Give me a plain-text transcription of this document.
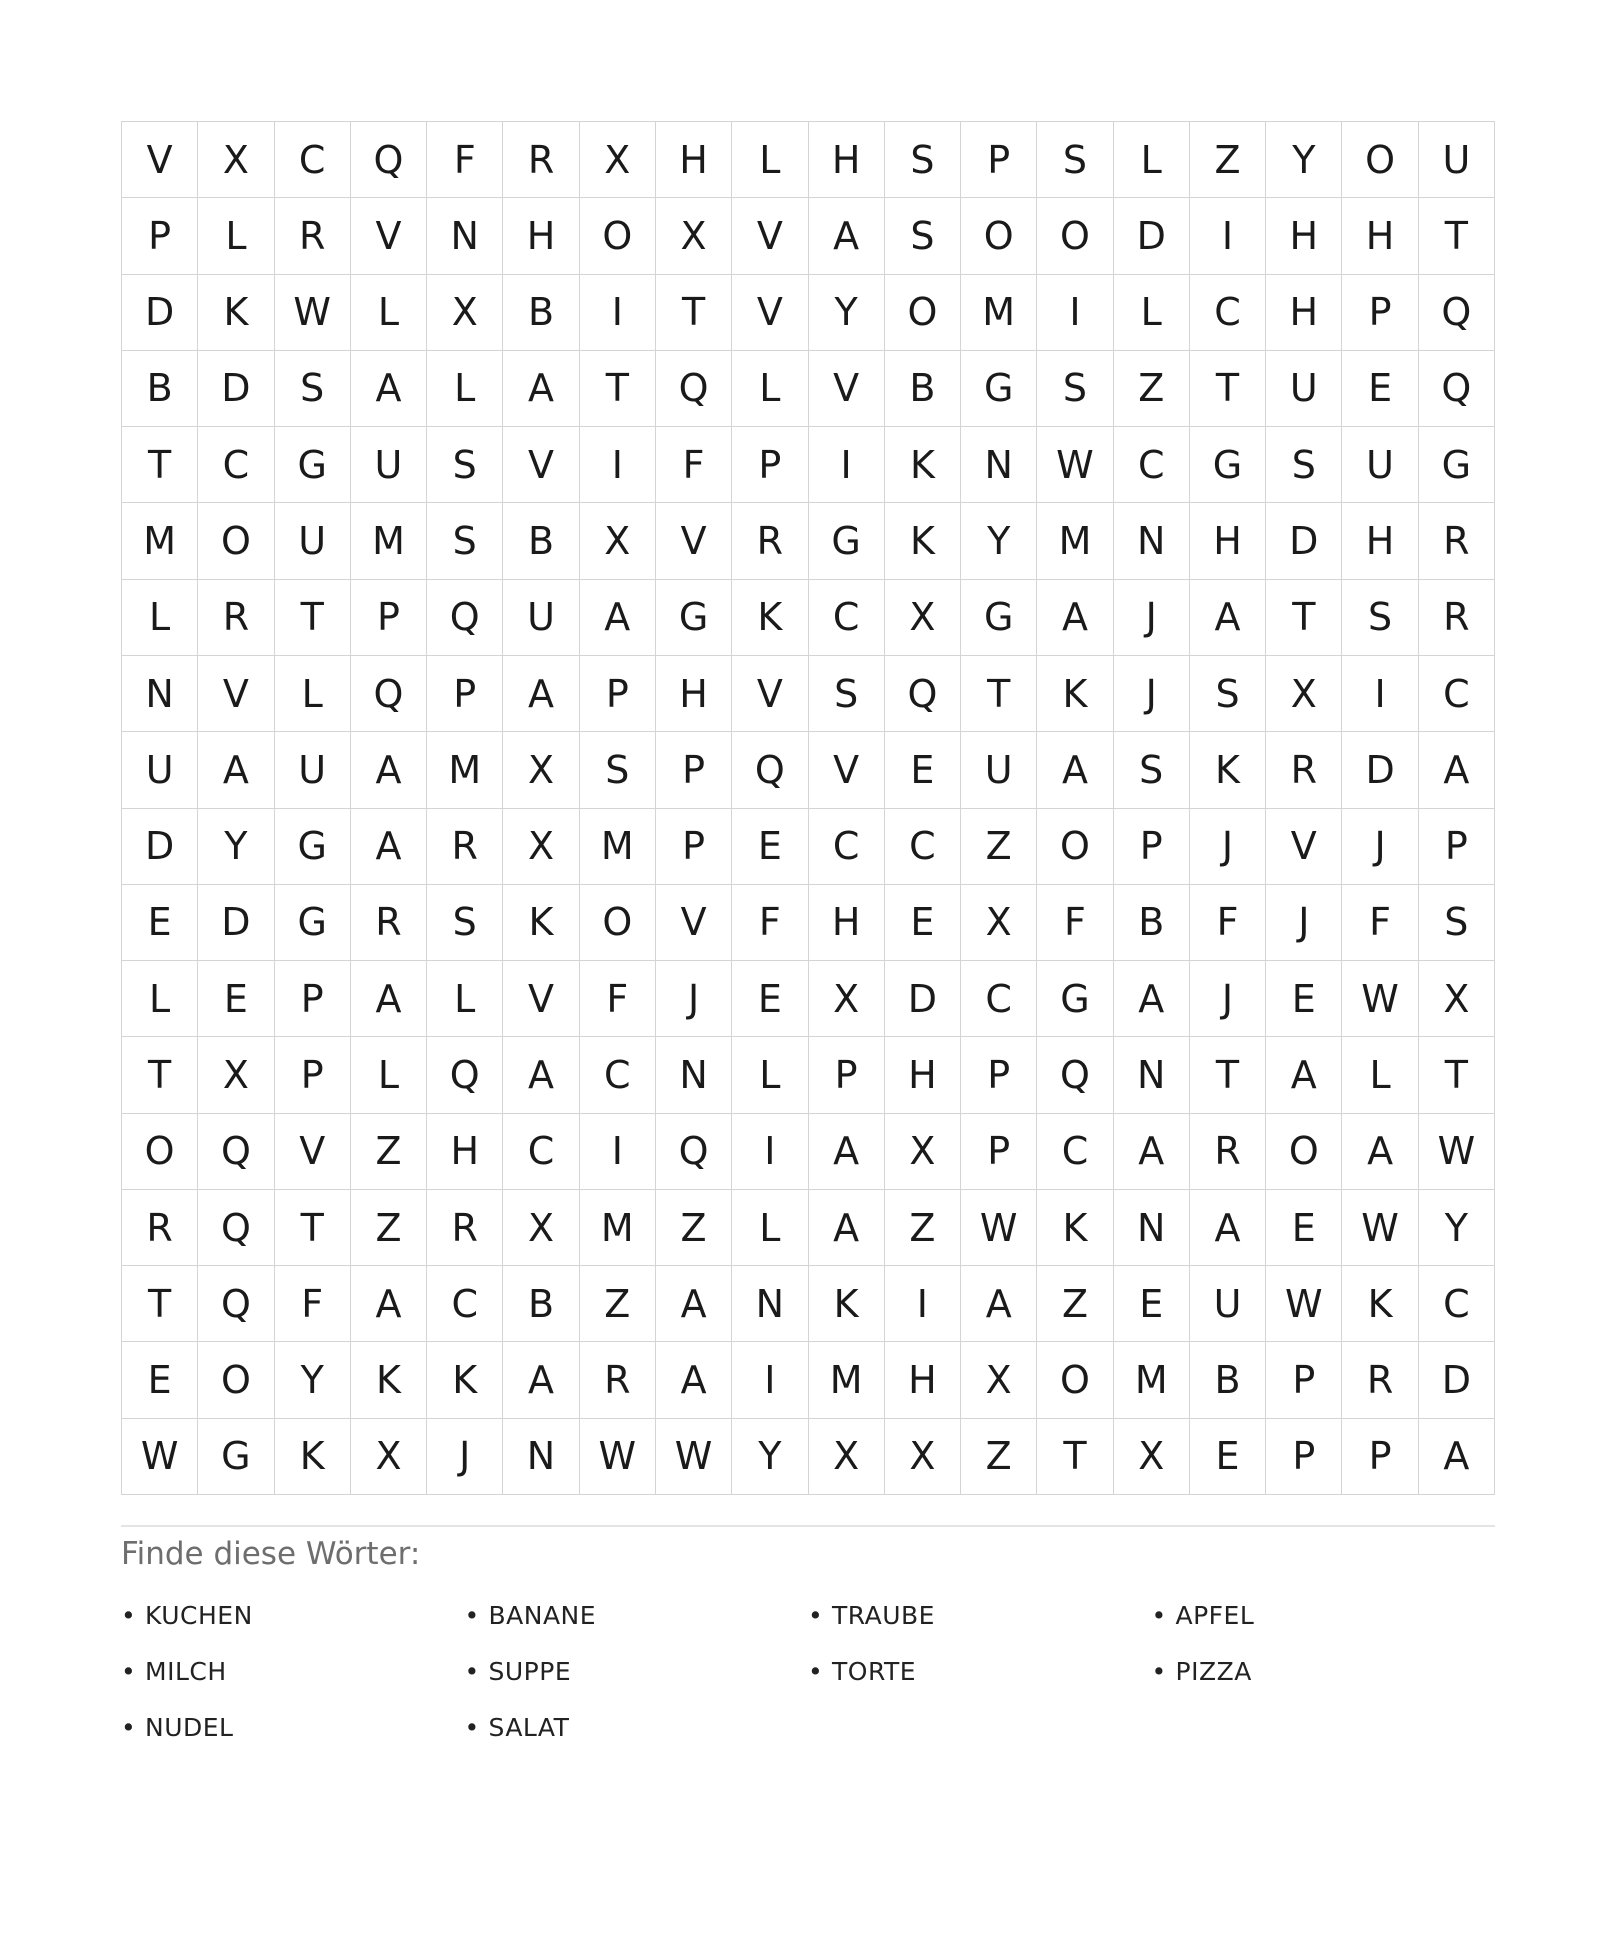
V	X	C	Q	F	R	X	H	L	H	S	P	S	L	Z	Y	O	U
P	L	R	V	N	H	O	X	V	A	S	O	O	D	I	H	H	T
D	K	W	L	X	B	I	T	V	Y	O	M	I	L	C	H	P	Q
B	D	S	A	L	A	T	Q	L	V	B	G	S	Z	T	U	E	Q
T	C	G	U	S	V	I	F	P	I	K	N	W	C	G	S	U	G
M	O	U	M	S	B	X	V	R	G	K	Y	M	N	H	D	H	R
L	R	T	P	Q	U	A	G	K	C	X	G	A	J	A	T	S	R
N	V	L	Q	P	A	P	H	V	S	Q	T	K	J	S	X	I	C
U	A	U	A	M	X	S	P	Q	V	E	U	A	S	K	R	D	A
D	Y	G	A	R	X	M	P	E	C	C	Z	O	P	J	V	J	P
E	D	G	R	S	K	O	V	F	H	E	X	F	B	F	J	F	S
L	E	P	A	L	V	F	J	E	X	D	C	G	A	J	E	W	X
T	X	P	L	Q	A	C	N	L	P	H	P	Q	N	T	A	L	T
O	Q	V	Z	H	C	I	Q	I	A	X	P	C	A	R	O	A	W
R	Q	T	Z	R	X	M	Z	L	A	Z	W	K	N	A	E	W	Y
T	Q	F	A	C	B	Z	A	N	K	I	A	Z	E	U	W	K	C
E	O	Y	K	K	A	R	A	I	M	H	X	O	M	B	P	R	D
W	G	K	X	J	N	W	W	Y	X	X	Z	T	X	E	P	P	A
Finde diese Wörter:
• KUCHEN	• BANANE	• TRAUBE	• APFEL
• MILCH	• SUPPE	• TORTE	• PIZZA
• NUDEL	• SALAT
